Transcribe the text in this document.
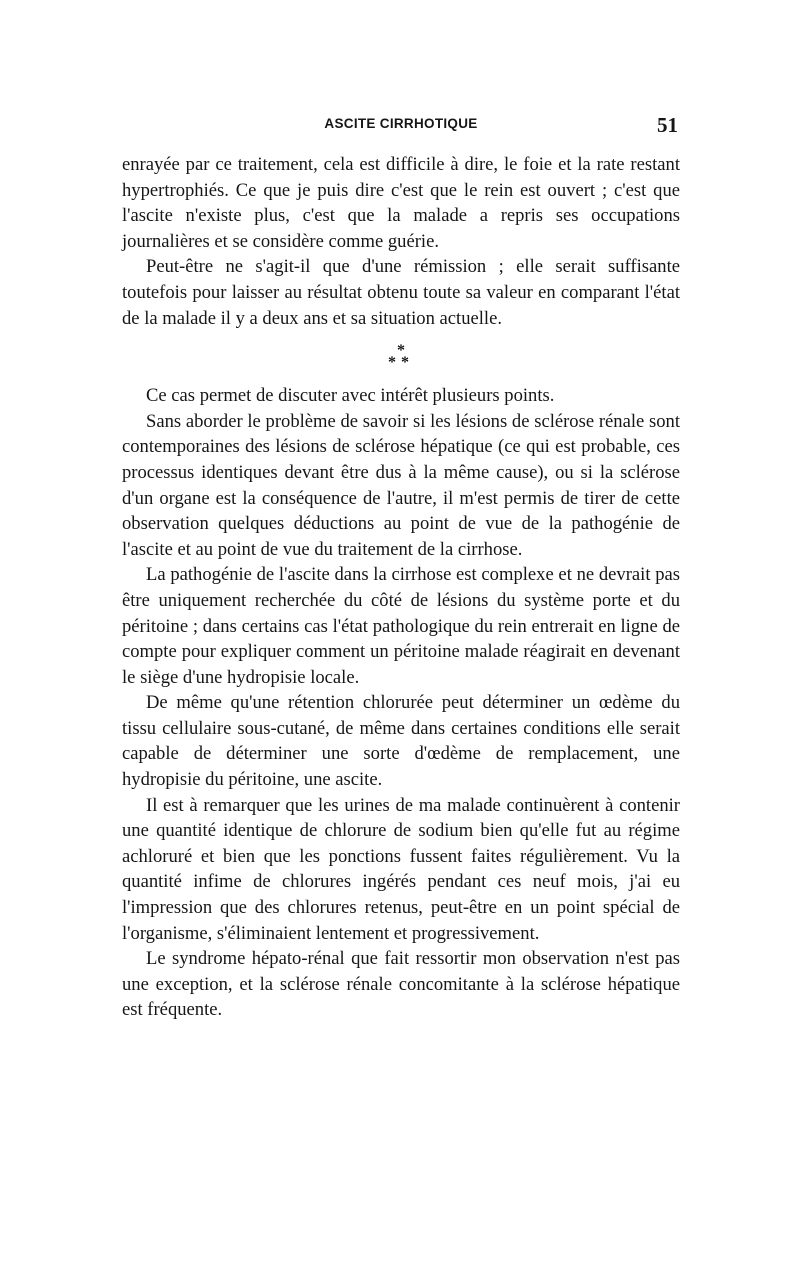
ASCITE CIRRHOTIQUE	51

enrayée par ce traitement, cela est difficile à dire, le foie et la rate restant hypertrophiés. Ce que je puis dire c'est que le rein est ouvert ; c'est que l'ascite n'existe plus, c'est que la malade a repris ses occupations journalières et se considère comme guérie.

Peut-être ne s'agit-il que d'une rémission ; elle serait suffisante toutefois pour laisser au résultat obtenu toute sa valeur en comparant l'état de la malade il y a deux ans et sa situation actuelle.

*
**

Ce cas permet de discuter avec intérêt plusieurs points.

Sans aborder le problème de savoir si les lésions de sclérose rénale sont contemporaines des lésions de sclérose hépatique (ce qui est probable, ces processus identiques devant être dus à la même cause), ou si la sclérose d'un organe est la conséquence de l'autre, il m'est permis de tirer de cette observation quelques déductions au point de vue de la pathogénie de l'ascite et au point de vue du traitement de la cirrhose.

La pathogénie de l'ascite dans la cirrhose est complexe et ne devrait pas être uniquement recherchée du côté de lésions du système porte et du péritoine ; dans certains cas l'état pathologique du rein entrerait en ligne de compte pour expliquer comment un péritoine malade réagirait en devenant le siège d'une hydropisie locale.

De même qu'une rétention chlorurée peut déterminer un œdème du tissu cellulaire sous-cutané, de même dans certaines conditions elle serait capable de déterminer une sorte d'œdème de remplacement, une hydropisie du péritoine, une ascite.

Il est à remarquer que les urines de ma malade continuèrent à contenir une quantité identique de chlorure de sodium bien qu'elle fut au régime achloruré et bien que les ponctions fussent faites régulièrement. Vu la quantité infime de chlorures ingérés pendant ces neuf mois, j'ai eu l'impression que des chlorures retenus, peut-être en un point spécial de l'organisme, s'éliminaient lentement et progressivement.

Le syndrome hépato-rénal que fait ressortir mon observation n'est pas une exception, et la sclérose rénale concomitante à la sclérose hépatique est fréquente.
